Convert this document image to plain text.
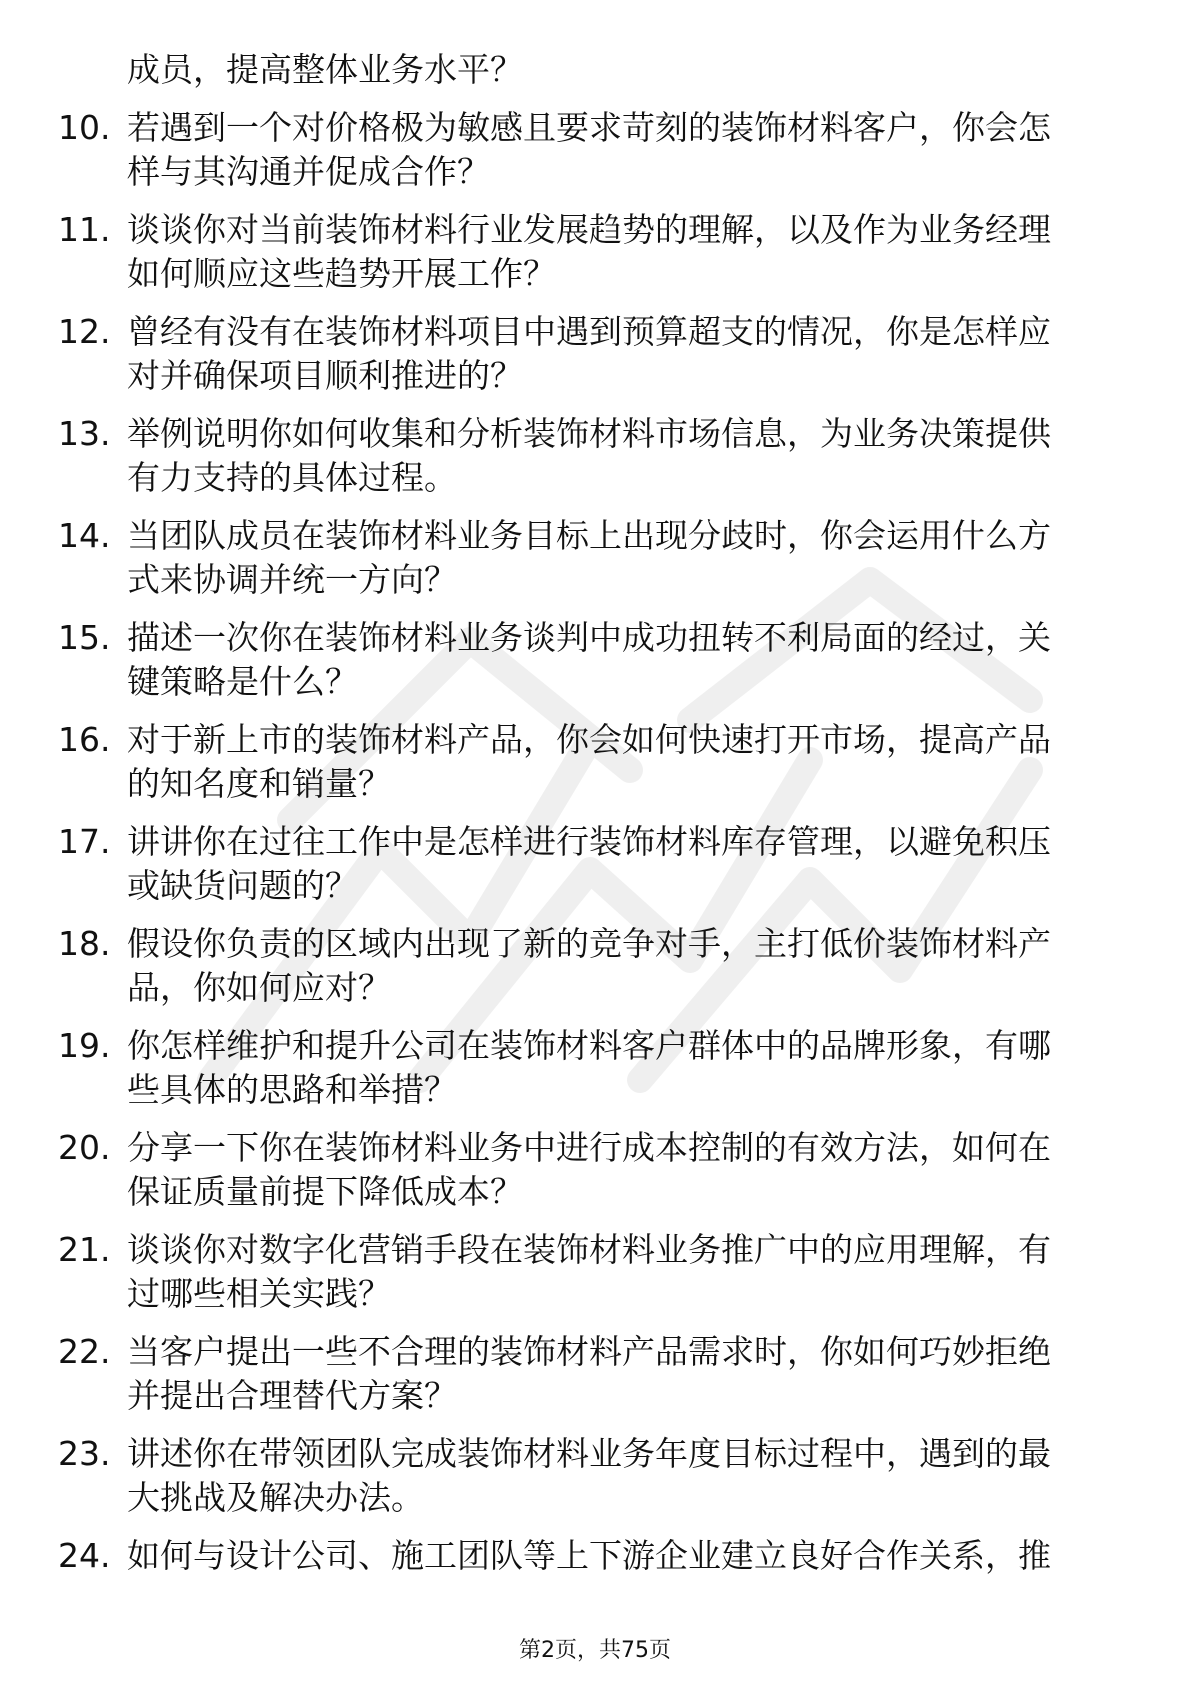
成员，提高整体业务水平？
10. 若遇到一个对价格极为敏感且要求苛刻的装饰材料客户，你会怎
样与其沟通并促成合作？
11. 谈谈你对当前装饰材料行业发展趋势的理解，以及作为业务经理
如何顺应这些趋势开展工作？
12. 曾经有没有在装饰材料项目中遇到预算超支的情况，你是怎样应
对并确保项目顺利推进的？
13. 举例说明你如何收集和分析装饰材料市场信息，为业务决策提供
有力支持的具体过程。
14. 当团队成员在装饰材料业务目标上出现分歧时，你会运用什么方
式来协调并统一方向？
15. 描述一次你在装饰材料业务谈判中成功扭转不利局面的经过，关
键策略是什么？
16. 对于新上市的装饰材料产品，你会如何快速打开市场，提高产品
的知名度和销量？
17. 讲讲你在过往工作中是怎样进行装饰材料库存管理，以避免积压
或缺货问题的？
18. 假设你负责的区域内出现了新的竞争对手，主打低价装饰材料产
品，你如何应对？
19. 你怎样维护和提升公司在装饰材料客户群体中的品牌形象，有哪
些具体的思路和举措？
20. 分享一下你在装饰材料业务中进行成本控制的有效方法，如何在
保证质量前提下降低成本？
21. 谈谈你对数字化营销手段在装饰材料业务推广中的应用理解，有
过哪些相关实践？
22. 当客户提出一些不合理的装饰材料产品需求时，你如何巧妙拒绝
并提出合理替代方案？
23. 讲述你在带领团队完成装饰材料业务年度目标过程中，遇到的最
大挑战及解决办法。
24. 如何与设计公司、施工团队等上下游企业建立良好合作关系，推
第2页，共75页
